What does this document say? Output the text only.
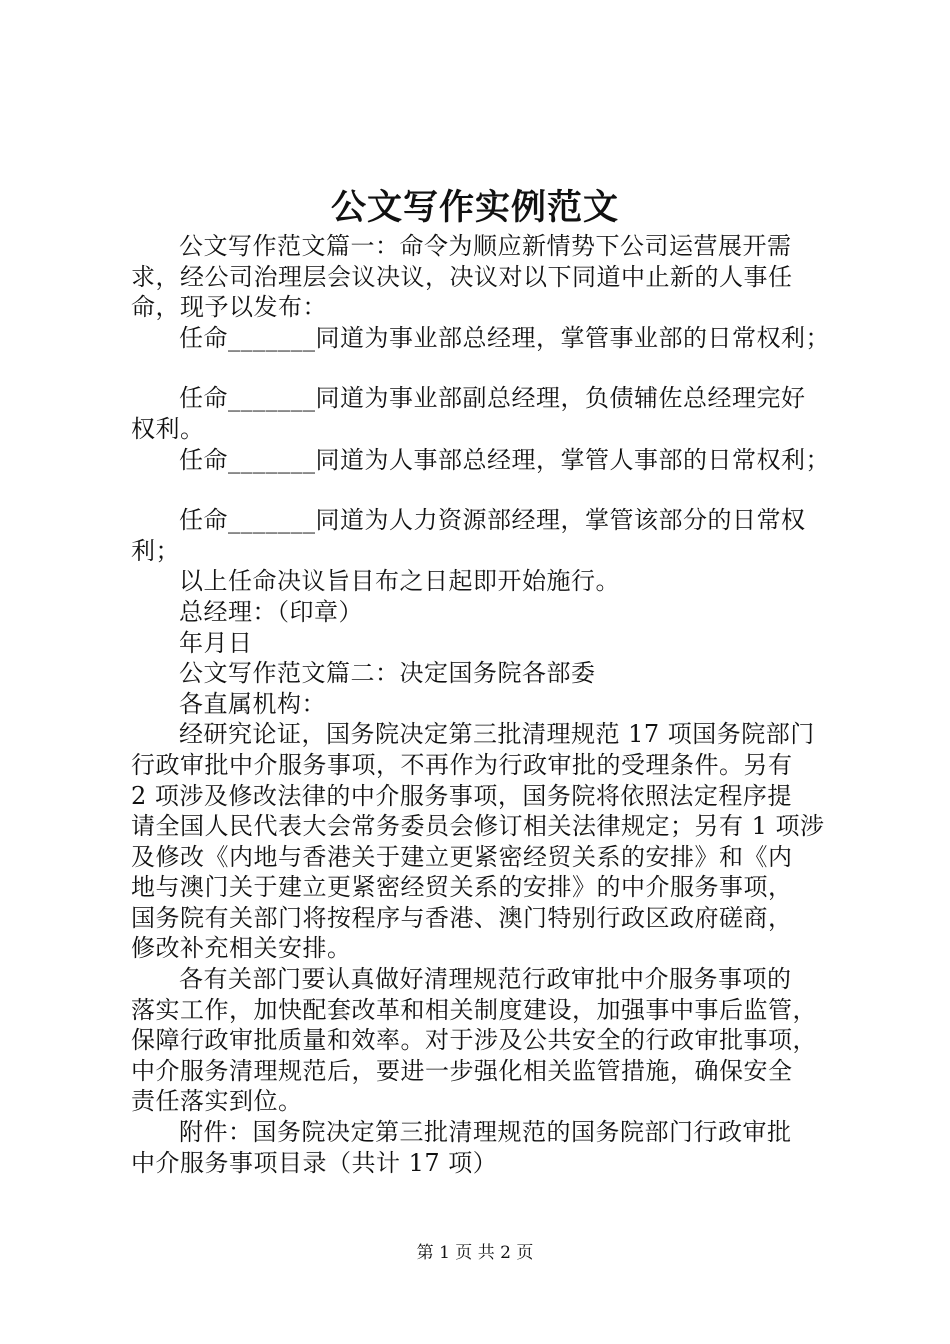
公文写作实例范文
公文写作范文篇一：命令为顺应新情势下公司运营展开需
求，经公司治理层会议决议，决议对以下同道中止新的人事任
命，现予以发布：
任命_______同道为事业部总经理，掌管事业部的日常权利；
任命_______同道为事业部副总经理，负债辅佐总经理完好
权利。
任命_______同道为人事部总经理，掌管人事部的日常权利；
任命_______同道为人力资源部经理，掌管该部分的日常权
利；
以上任命决议旨目布之日起即开始施行。
总经理：（印章）
年月日
公文写作范文篇二：决定国务院各部委
各直属机构：
经研究论证，国务院决定第三批清理规范 17 项国务院部门
行政审批中介服务事项，不再作为行政审批的受理条件。另有
2 项涉及修改法律的中介服务事项，国务院将依照法定程序提
请全国人民代表大会常务委员会修订相关法律规定；另有 1 项涉
及修改《内地与香港关于建立更紧密经贸关系的安排》和《内
地与澳门关于建立更紧密经贸关系的安排》的中介服务事项，
国务院有关部门将按程序与香港、澳门特别行政区政府磋商，
修改补充相关安排。
各有关部门要认真做好清理规范行政审批中介服务事项的
落实工作，加快配套改革和相关制度建设，加强事中事后监管，
保障行政审批质量和效率。对于涉及公共安全的行政审批事项，
中介服务清理规范后，要进一步强化相关监管措施，确保安全
责任落实到位。
附件：国务院决定第三批清理规范的国务院部门行政审批
中介服务事项目录（共计 17 项）
第 1 页 共 2 页
